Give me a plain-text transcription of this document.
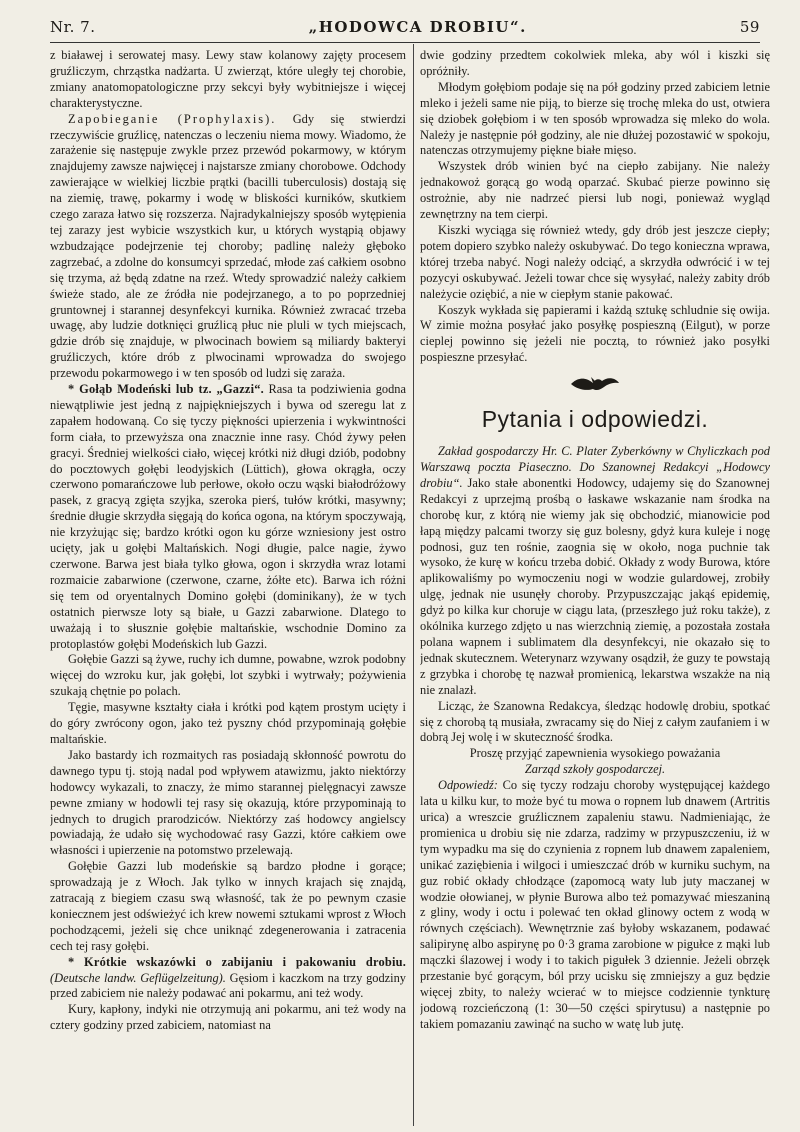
Nr. 7.	„HODOWCA DROBIU“.	59

z białawej i serowatej masy. Lewy staw kolanowy zajęty procesem gruźliczym, chrząstka nadżarta. U zwierząt, które uległy tej chorobie, zmiany anatomopatologiczne przy sekcyi były wybitniejsze i więcej charakterystyczne.

Zapobieganie (Prophylaxis). Gdy się stwierdzi rzeczywiście gruźlicę, natenczas o leczeniu niema mowy. Wiadomo, że zarażenie się następuje zwykle przez przewód pokarmowy, w którym znajdujemy zawsze najwięcej i najstarsze zmiany chorobowe. Odchody zawierające w wielkiej liczbie prątki (bacilli tuberculosis) dostają się na ziemię, trawę, pokarmy i wodę w bliskości kurników, skutkiem czego zaraza łatwo się rozszerza. Najradykalniejszy sposób wytępienia tej zarazy jest wybicie wszystkich kur, u których wystąpią objawy wzbudzające podejrzenie tej choroby; padlinę należy głęboko zagrzebać, a zdolne do konsumcyi sprzedać, młode zaś całkiem osobno się trzyma, aż będą zdatne na rzeź. Wtedy sprowadzić należy całkiem świeże stado, ale ze źródła nie podejrzanego, a to po poprzedniej gruntownej i starannej desynfekcyi kurnika. Również zwracać trzeba uwagę, aby ludzie dotknięci gruźlicą płuc nie pluli w tych miejscach, gdzie drób się znajduje, w plwocinach bowiem są miliardy bakteryi gruźliczych, które drób z plwocinami wprowadza do swojego przewodu pokarmowego i w ten sposób od ludzi się zaraża.

* Gołąb Modeński lub tz. „Gazzi“. Rasa ta podziwienia godna niewątpliwie jest jedną z najpiękniejszych i bywa od szeregu lat z zapałem hodowaną. Co się tyczy piękności upierzenia i wykwintności form ciała, to przewyższa ona znacznie inne rasy. Chód żywy pełen gracyi. Średniej wielkości ciało, więcej krótki niż długi dziób, podobny do pocztowych gołębi leodyjskich (Lüttich), głowa okrągła, oczy czerwono pomarańczowe lub perłowe, około oczu wąski białodróżowy pasek, z gracyą zgięta szyjka, szeroka pierś, tułów krótki, masywny; średnie długie skrzydła sięgają do końca ogona, na którym spoczywają, nie krzyżując się; bardzo krótki ogon ku górze wzniesiony jest ostro ucięty, jak u gołębi Maltańskich. Nogi długie, palce nagie, żywo czerwone. Barwa jest biała tylko głowa, ogon i skrzydła wraz lotami rozmaicie zabarwione (czerwone, czarne, żółte etc). Barwa ich różni się tem od oryentalnych Domino gołębi (dominikany), że w tych ostatnich pierwsze loty są białe, u Gazzi zabarwione. Dlatego to uważają i to słusznie gołębie maltańskie, wschodnie Domino za protoplastów gołębi Modeńskich lub Gazzi.

Gołębie Gazzi są żywe, ruchy ich dumne, powabne, wzrok podobny więcej do wzroku kur, jak gołębi, lot szybki i wytrwały; pożywienia szukają chętnie po polach.

Tęgie, masywne kształty ciała i krótki pod kątem prostym ucięty i do góry zwrócony ogon, jako też pyszny chód przypominają gołębie maltańskie.

Jako bastardy ich rozmaitych ras posiadają skłonność powrotu do dawnego typu tj. stoją nadal pod wpływem atawizmu, jakto niektórzy hodowcy wykazali, to znaczy, że mimo starannej pielęgnacyi zawsze pewne zmiany w hodowli tej rasy się okazują, które przypominają to jednych to drugich prarodziców. Niektórzy zaś hodowcy angielscy powiadają, że udało się wychodować rasy Gazzi, które całkiem owe własności i upierzenie na potomstwo przelewają.

Gołębie Gazzi lub modeńskie są bardzo płodne i gorące; sprowadzają je z Włoch. Jak tylko w innych krajach się znajdą, zatracają z biegiem czasu swą własność, tak że po pewnym czasie koniecznem jest odświeżyć ich krew nowemi sztukami wprost z Włoch pochodzącemi, jeżeli się chce uniknąć zdegenerowania i zatracenia cech tej rasy gołębi.

* Krótkie wskazówki o zabijaniu i pakowaniu drobiu. (Deutsche landw. Geflügelzeitung). Gęsiom i kaczkom na trzy godziny przed zabiciem nie należy podawać ani pokarmu, ani też wody.

Kury, kapłony, indyki nie otrzymują ani pokarmu, ani też wody na cztery godziny przed zabiciem, natomiast na

dwie godziny przedtem cokolwiek mleka, aby wól i kiszki się opróżniły.

Młodym gołębiom podaje się na pół godziny przed zabiciem letnie mleko i jeżeli same nie piją, to bierze się trochę mleka do ust, otwiera się dziobek gołębiom i w ten sposób wprowadza się mleko do wola. Należy je następnie pół godziny, ale nie dłużej pozostawić w spokoju, natenczas otrzymujemy piękne białe mięso.

Wszystek drób winien być na ciepło zabijany. Nie należy jednakowoż gorącą go wodą oparzać. Skubać pierze powinno się ostrożnie, aby nie nadrzeć piersi lub nogi, ponieważ wygląd zewnętrzny na tem cierpi.

Kiszki wyciąga się również wtedy, gdy drób jest jeszcze ciepły; potem dopiero szybko należy oskubywać. Do tego konieczna wprawa, której trzeba nabyć. Nogi należy odciąć, a skrzydła odwrócić i w tej pozycyi oskubywać. Jeżeli towar chce się wysyłać, należy zabity drób należycie oziębić, a nie w ciepłym stanie pakować.

Koszyk wykłada się papierami i każdą sztukę schludnie się owija. W zimie można posyłać jako posyłkę pospieszną (Eilgut), w porze cieplej powinno się jeżeli nie pocztą, to również jako posyłki pospieszne przesyłać.

Pytania i odpowiedzi.

Zakład gospodarczy Hr. C. Plater Zyberkówny w Chyliczkach pod Warszawą poczta Piaseczno. Do Szanownej Redakcyi „Hodowcy drobiu“. Jako stałe abonentki Hodowcy, udajemy się do Szanownej Redakcyi z uprzejmą prośbą o łaskawe wskazanie nam środka na chorobę kur, z którą nie wiemy jak się obchodzić, mianowicie pod łapą między palcami tworzy się guz bolesny, gdyż kura kuleje i nogę podnosi, guz ten rośnie, zaognia się w około, noga puchnie tak wysoko, że kurę w końcu trzeba dobić. Okłady z wody Burowa, które aplikowaliśmy po wymoczeniu nogi w wodzie gulardowej, zrobiły ulgę, jednak nie usunęły choroby. Przypuszczając jakąś epidemię, gdyż po kilka kur choruje w ciągu lata, (przeszłego już roku także), z okólnika kurzego zdjęto u nas wierzchnią ziemię, a pozostała została polana wapnem i sublimatem dla desynfekcyi, nie okazało się to jednak skutecznem. Weterynarz wzywany osądził, że guzy te powstają z grzybka i chorobę tę nazwał promienicą, lekarstwa wszakże na nią nie znalazł.

Licząc, że Szanowna Redakcya, śledząc hodowlę drobiu, spotkać się z chorobą tą musiała, zwracamy się do Niej z całym zaufaniem i w dobrą Jej wolę i w skuteczność środka.

Proszę przyjąć zapewnienia wysokiego poważania

Zarząd szkoły gospodarczej.

Odpowiedź: Co się tyczy rodzaju choroby występującej każdego lata u kilku kur, to może być tu mowa o ropnem lub dnawem (Artritis urica) a wreszcie gruźlicznem zapaleniu stawu. Nadmieniając, że promienica u drobiu się nie zdarza, radzimy w przypuszczeniu, iż w tym wypadku ma się do czynienia z ropnem lub dnawem zapaleniem, unikać zaziębienia i wilgoci i umieszczać drób w kurniku suchym, na guz robić okłady chłodzące (zapomocą waty lub juty maczanej w wodzie ołowianej, w płynie Burowa albo też pomazywać mieszaniną z gliny, wody i octu i polewać ten okład glinowy octem z wodą w równych częściach). Wewnętrznie zaś byłoby wskazanem, podawać salipirynę albo aspirynę po 0·3 grama zarobione w pigułce z mąki lub mączki ślazowej i wody i to takich pigułek 3 dziennie. Jeżeli obrzęk przestanie być gorącym, ból przy ucisku się zmniejszy a guz będzie więcej zbity, to należy wcierać w to miejsce codziennie tynkturę jodową rozcieńczoną (1: 30—50 części spirytusu) a następnie po takiem pomazaniu zawinąć na sucho w watę lub jutę.
